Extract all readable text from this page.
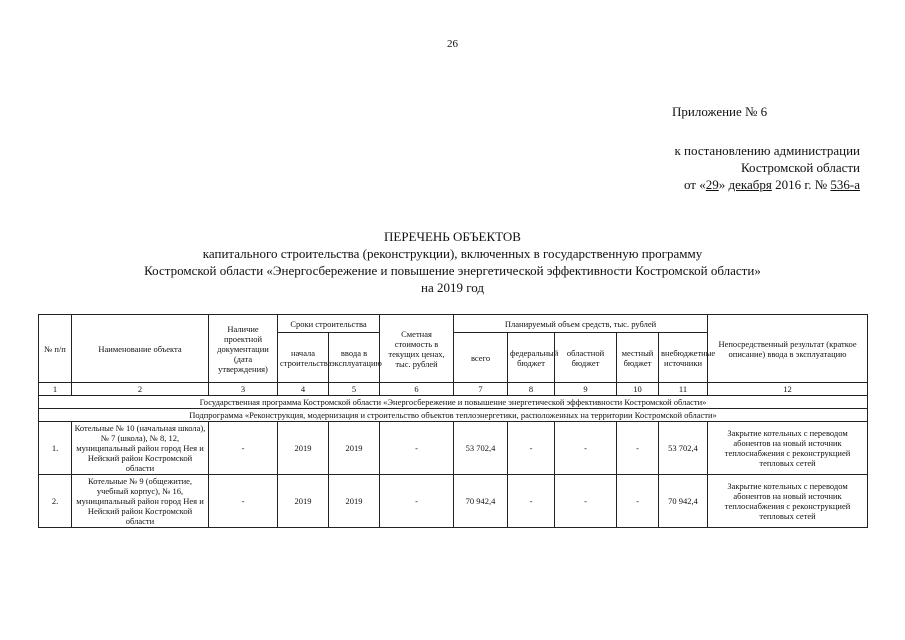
26
Приложение № 6
к постановлению администрации
Костромской области
от «29» декабря 2016 г. № 536-а
ПЕРЕЧЕНЬ ОБЪЕКТОВ
капитального строительства (реконструкции), включенных в государственную программу
Костромской области «Энергосбережение и повышение энергетической эффективности Костромской области»
на 2019 год
№ п/п	Наименование объекта	Наличие проектной документации (дата утверждения)	Сроки строительства		Сметная стоимость в текущих ценах, тыс. рублей	Планируемый объем средств, тыс. рублей					Непосредственный результат (краткое описание) ввода в эксплуатацию
			начала строительства	ввода в эксплуатацию		всего	федеральный бюджет	областной бюджет	местный бюджет	внебюджетные источники	
1	2	3	4	5	6	7	8	9	10	11	12
Государственная программа Костромской области «Энергосбережение и повышение энергетической эффективности Костромской области»											
Подпрограмма «Реконструкция, модернизация и строительство объектов теплоэнергетики, расположенных на территории Костромской области»											
1.	Котельные № 10 (начальная школа), № 7 (школа), № 8, 12, муниципальный район город Нея и Нейский район Костромской области	-	2019	2019	-	53 702,4	-	-	-	53 702,4	Закрытие котельных с переводом абонентов на новый источник теплоснабжения с реконструкцией тепловых сетей
2.	Котельные № 9 (общежитие, учебный корпус), № 16, муниципальный район город Нея и Нейский район Костромской области	-	2019	2019	-	70 942,4	-	-	-	70 942,4	Закрытие котельных с переводом абонентов на новый источник теплоснабжения с реконструкцией тепловых сетей
